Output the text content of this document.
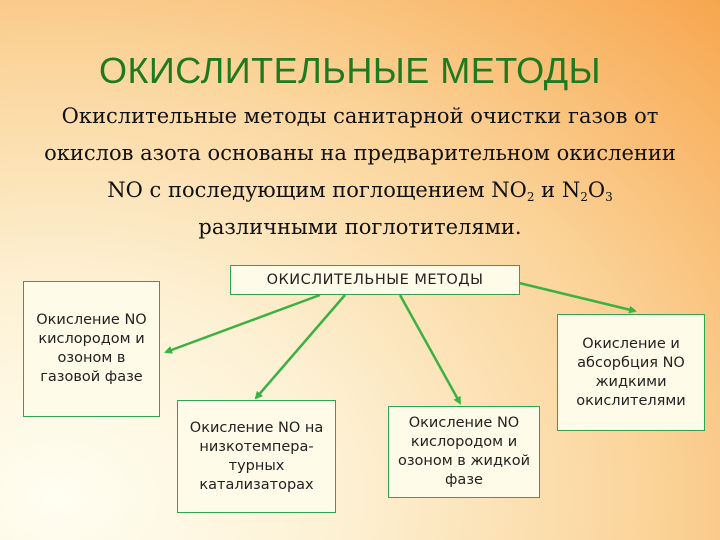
ОКИСЛИТЕЛЬНЫЕ МЕТОДЫ

Окислительные методы санитарной очистки газов от окислов азота основаны на предварительном окислении NO с последующим поглощением $NO_2$ и $N_2O_3$ различными поглотителями.

ОКИСЛИТЕЛЬНЫЕ МЕТОДЫ
Окисление NO кислородом и озоном в газовой фазе
Окисление NO на низкотемпера-турных катализаторах
Окисление NO кислородом и озоном в жидкой фазе
Окисление и абсорбция NO жидкими окислителями
